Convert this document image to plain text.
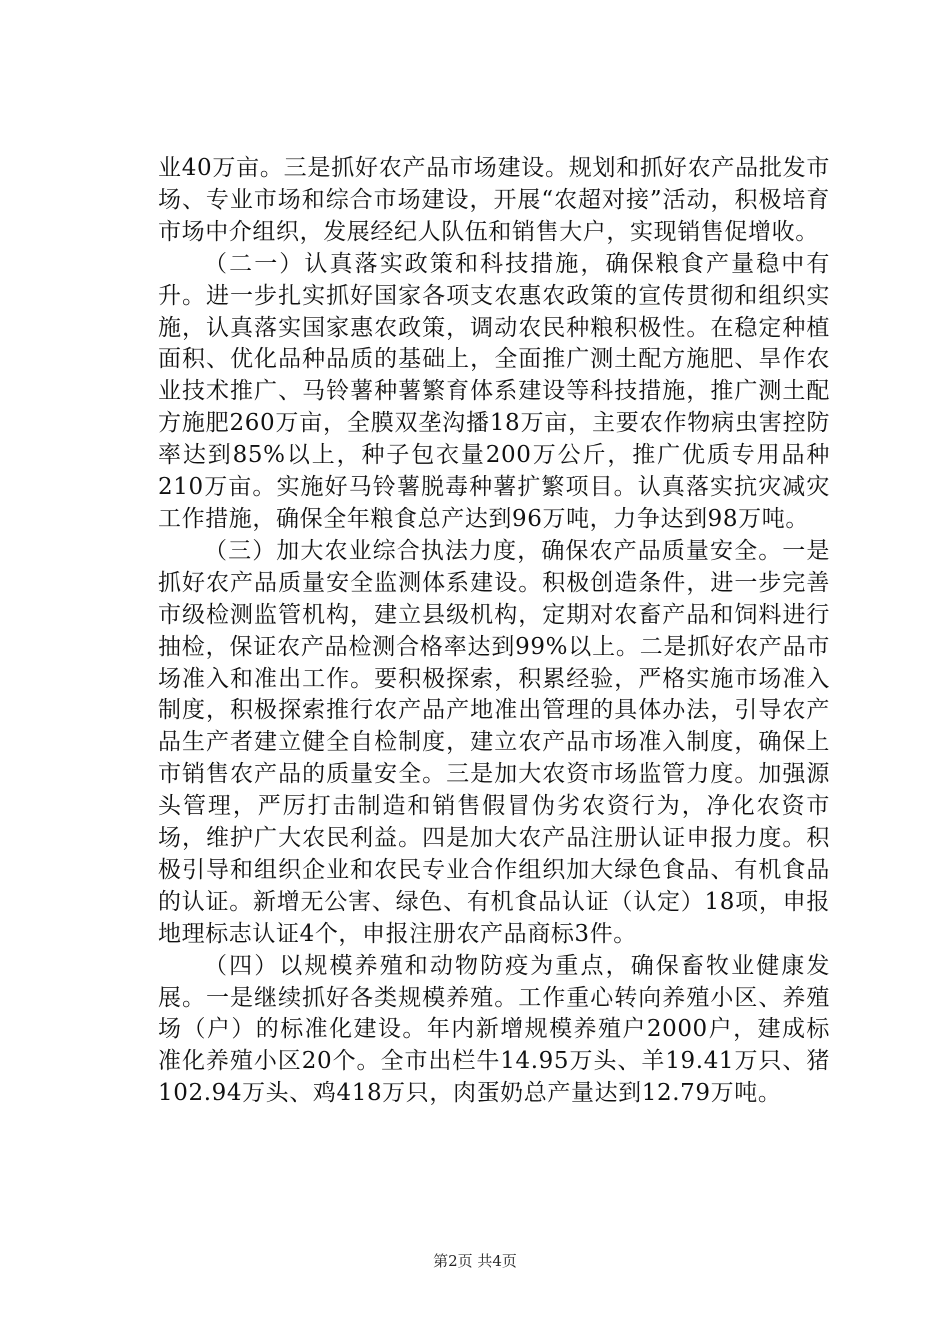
业40万亩。三是抓好农产品市场建设。规划和抓好农产品批发市场、专业市场和综合市场建设，开展“农超对接”活动，积极培育市场中介组织，发展经纪人队伍和销售大户，实现销售促增收。

（二一）认真落实政策和科技措施，确保粮食产量稳中有升。进一步扎实抓好国家各项支农惠农政策的宣传贯彻和组织实施，认真落实国家惠农政策，调动农民种粮积极性。在稳定种植面积、优化品种品质的基础上，全面推广测土配方施肥、旱作农业技术推广、马铃薯种薯繁育体系建设等科技措施，推广测土配方施肥260万亩，全膜双垄沟播18万亩，主要农作物病虫害控防率达到85%以上，种子包衣量200万公斤，推广优质专用品种210万亩。实施好马铃薯脱毒种薯扩繁项目。认真落实抗灾减灾工作措施，确保全年粮食总产达到96万吨，力争达到98万吨。

（三）加大农业综合执法力度，确保农产品质量安全。一是抓好农产品质量安全监测体系建设。积极创造条件，进一步完善市级检测监管机构，建立县级机构，定期对农畜产品和饲料进行抽检，保证农产品检测合格率达到99%以上。二是抓好农产品市场准入和准出工作。要积极探索，积累经验，严格实施市场准入制度，积极探索推行农产品产地准出管理的具体办法，引导农产品生产者建立健全自检制度，建立农产品市场准入制度，确保上市销售农产品的质量安全。三是加大农资市场监管力度。加强源头管理，严厉打击制造和销售假冒伪劣农资行为，净化农资市场，维护广大农民利益。四是加大农产品注册认证申报力度。积极引导和组织企业和农民专业合作组织加大绿色食品、有机食品的认证。新增无公害、绿色、有机食品认证（认定）18项，申报地理标志认证4个，申报注册农产品商标3件。

（四）以规模养殖和动物防疫为重点，确保畜牧业健康发展。一是继续抓好各类规模养殖。工作重心转向养殖小区、养殖场（户）的标准化建设。年内新增规模养殖户2000户，建成标准化养殖小区20个。全市出栏牛14.95万头、羊19.41万只、猪102.94万头、鸡418万只，肉蛋奶总产量达到12.79万吨。

第2页 共4页
